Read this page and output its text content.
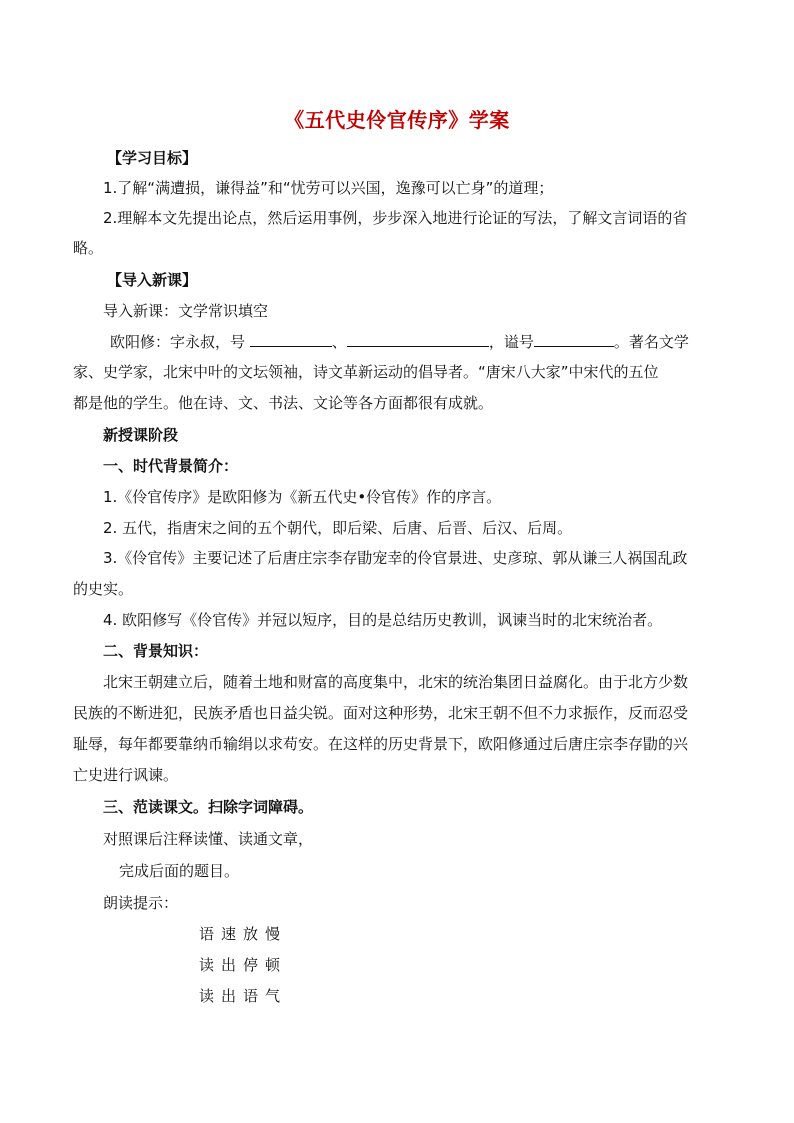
《五代史伶官传序》学案
【学习目标】
1.了解“满遭损，谦得益”和“忧劳可以兴国，逸豫可以亡身”的道理；
2.理解本文先提出论点，然后运用事例，步步深入地进行论证的写法，了解文言词语的省
略。
【导入新课】
导入新课：文学常识填空
欧阳修：字永叔，号	、	，谥号	。著名文学
家、史学家，北宋中叶的文坛领袖，诗文革新运动的倡导者。“唐宋八大家”中宋代的五位
都是他的学生。他在诗、文、书法、文论等各方面都很有成就。
新授课阶段
一、时代背景简介：
1.《伶官传序》是欧阳修为《新五代史•伶官传》作的序言。
2. 五代，指唐宋之间的五个朝代，即后梁、后唐、后晋、后汉、后周。
3.《伶官传》主要记述了后唐庄宗李存勖宠幸的伶官景进、史彦琼、郭从谦三人祸国乱政
的史实。
4. 欧阳修写《伶官传》并冠以短序，目的是总结历史教训，讽谏当时的北宋统治者。
二、背景知识：
北宋王朝建立后，随着土地和财富的高度集中，北宋的统治集团日益腐化。由于北方少数
民族的不断进犯，民族矛盾也日益尖锐。面对这种形势，北宋王朝不但不力求振作，反而忍受
耻辱，每年都要靠纳币输绢以求苟安。在这样的历史背景下，欧阳修通过后唐庄宗李存勖的兴
亡史进行讽谏。
三、范读课文。扫除字词障碍。
对照课后注释读懂、读通文章，
完成后面的题目。
朗读提示：
语速放慢
读出停顿
读出语气
